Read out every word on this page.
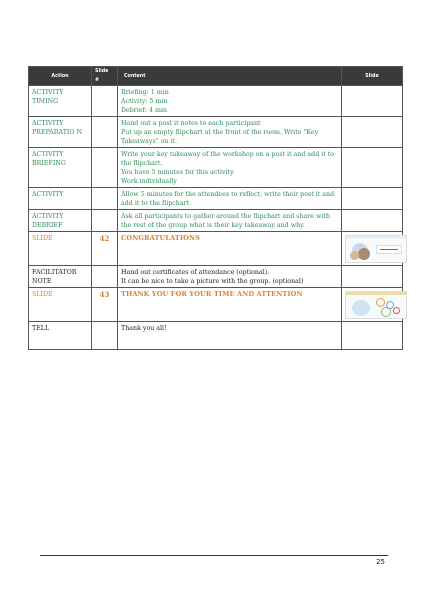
Action	Slide #	Content	Slide
ACTIVITY TIMING		Briefing: 1 min
Activity: 5 min
Debrief: 4 min	

ACTIVITY PREPARATIO N		Hand out a post it notes to each participant
Put up an empty flipchart at the front of the room. Write "Key Takeaways" on it.	

ACTIVITY BRIEFING		Write your key takeaway of the workshop on a post it and add it to the flipchart.
You have 5 minutes for this activity.
Work individually	

ACTIVITY		Allow 5 minutes for the attendees to reflect, write their post it and add it to the flipchart.	

ACTIVITY DEBRIEF		Ask all participants to gather around the flipchart and share with the rest of the group what is their key takeaway and why.	

SLIDE	42	CONGRATULATIONS	

FACILITATOR NOTE		Hand out certificates of attendance (optional).
It can be nice to take a picture with the group. (optional)	

SLIDE	43	THANK YOU FOR YOUR TIME AND ATTENTION	

TELL		Thank you all!	

25
